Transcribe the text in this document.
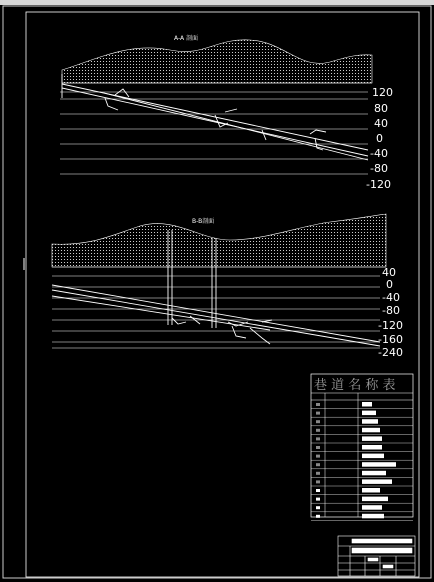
A-A 剖面
120
80
40
0
-40
-80
-120
B-B剖面
40
0
-40
-80
-120
-160
-240
巷 道 名 称 表
